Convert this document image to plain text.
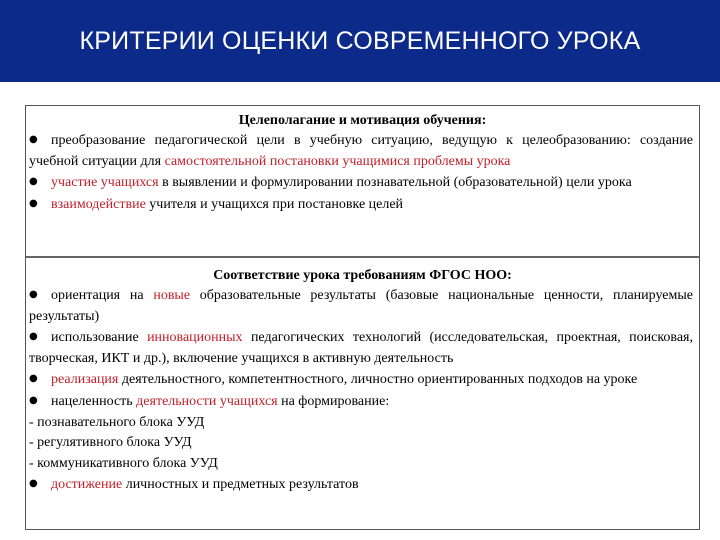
КРИТЕРИИ ОЦЕНКИ СОВРЕМЕННОГО УРОКА
Целеполагание и мотивация обучения:
● преобразование педагогической цели в учебную ситуацию, ведущую к целеобразованию: создание учебной ситуации для самостоятельной постановки учащимися проблемы урока
● участие учащихся в выявлении и формулировании познавательной (образовательной) цели урока
● взаимодействие учителя и учащихся при постановке целей
Соответствие урока требованиям ФГОС НОО:
● ориентация на новые образовательные результаты (базовые национальные ценности, планируемые результаты)
● использование инновационных педагогических технологий (исследовательская, проектная, поисковая, творческая, ИКТ и др.), включение учащихся в активную деятельность
● реализация деятельностного, компетентностного, личностно ориентированных подходов на уроке
● нацеленность деятельности учащихся на формирование:
- познавательного блока УУД
- регулятивного блока УУД
- коммуникативного блока УУД
● достижение личностных и предметных результатов
